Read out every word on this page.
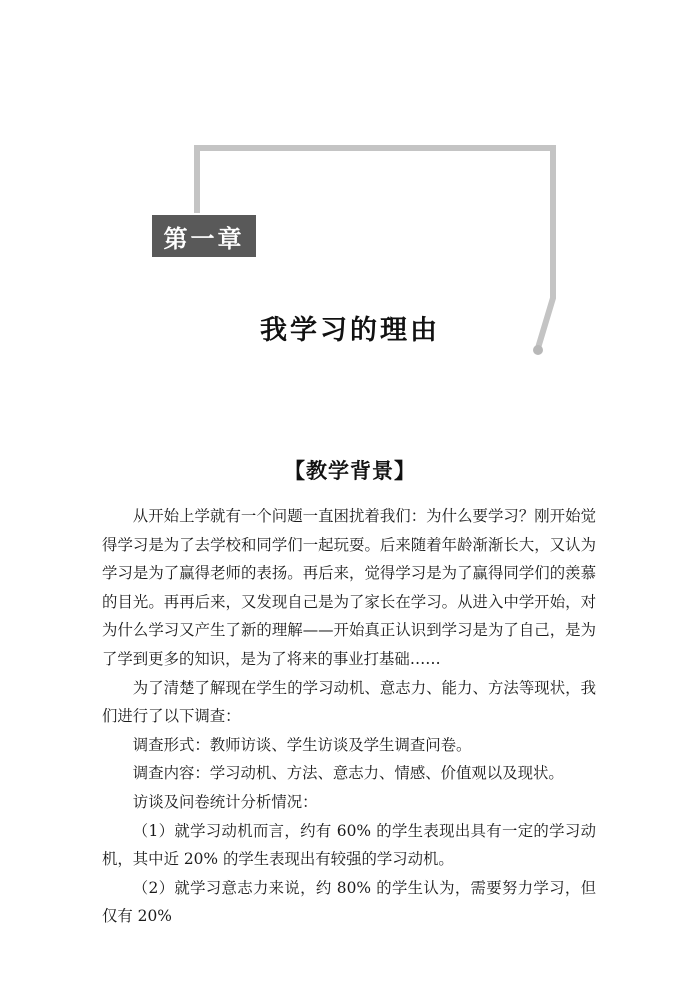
第一章
我学习的理由
【教学背景】

从开始上学就有一个问题一直困扰着我们：为什么要学习？刚开始觉得学习是为了去学校和同学们一起玩耍。后来随着年龄渐渐长大，又认为学习是为了赢得老师的表扬。再后来，觉得学习是为了赢得同学们的羡慕的目光。再再后来，又发现自己是为了家长在学习。从进入中学开始，对为什么学习又产生了新的理解——开始真正认识到学习是为了自己，是为了学到更多的知识，是为了将来的事业打基础……

为了清楚了解现在学生的学习动机、意志力、能力、方法等现状，我们进行了以下调查：

调查形式：教师访谈、学生访谈及学生调查问卷。

调查内容：学习动机、方法、意志力、情感、价值观以及现状。

访谈及问卷统计分析情况：

（1）就学习动机而言，约有 60% 的学生表现出具有一定的学习动机，其中近 20% 的学生表现出有较强的学习动机。

（2）就学习意志力来说，约 80% 的学生认为，需要努力学习，但仅有 20%
